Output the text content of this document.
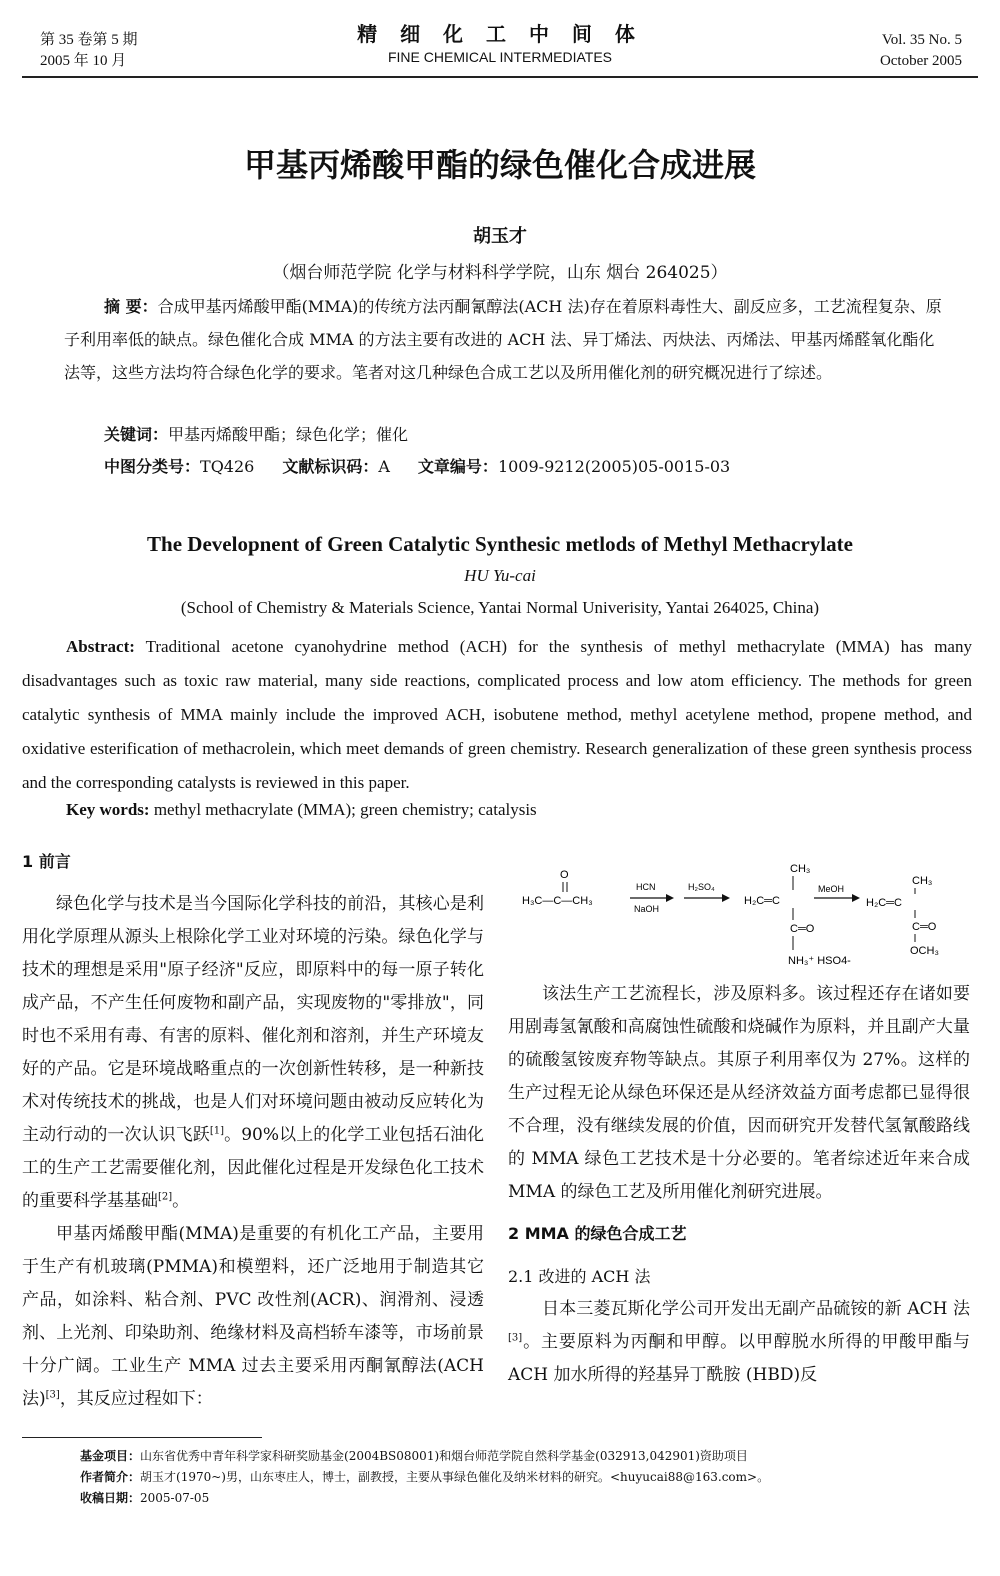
第 35 卷第 5 期
2005 年 10 月
精 细 化 工 中 间 体
FINE CHEMICAL INTERMEDIATES
Vol. 35 No. 5
October 2005
甲基丙烯酸甲酯的绿色催化合成进展
胡玉才
（烟台师范学院 化学与材料科学学院，山东 烟台 264025）
摘 要：合成甲基丙烯酸甲酯(MMA)的传统方法丙酮氰醇法(ACH 法)存在着原料毒性大、副反应多，工艺流程复杂、原子利用率低的缺点。绿色催化合成 MMA 的方法主要有改进的 ACH 法、异丁烯法、丙炔法、丙烯法、甲基丙烯醛氧化酯化法等，这些方法均符合绿色化学的要求。笔者对这几种绿色合成工艺以及所用催化剂的研究概况进行了综述。
关键词：甲基丙烯酸甲酯；绿色化学；催化
中图分类号：TQ426 文献标识码：A 文章编号：1009-9212(2005)05-0015-03
The Developnent of Green Catalytic Synthesic metlods of Methyl Methacrylate
HU Yu-cai
(School of Chemistry & Materials Science, Yantai Normal Univerisity, Yantai 264025, China)
Abstract: Traditional acetone cyanohydrine method (ACH) for the synthesis of methyl methacrylate (MMA) has many disadvantages such as toxic raw material, many side reactions, complicated process and low atom efficiency. The methods for green catalytic synthesis of MMA mainly include the improved ACH, isobutene method, methyl acetylene method, propene method, and oxidative esterification of methacrolein, which meet demands of green chemistry. Research generalization of these green synthesis process and the corresponding catalysts is reviewed in this paper.
Key words: methyl methacrylate (MMA); green chemistry; catalysis
1 前言

绿色化学与技术是当今国际化学科技的前沿，其核心是利用化学原理从源头上根除化学工业对环境的污染。绿色化学与技术的理想是采用"原子经济"反应，即原料中的每一原子转化成产品，不产生任何废物和副产品，实现废物的"零排放"，同时也不采用有毒、有害的原料、催化剂和溶剂，并生产环境友好的产品。它是环境战略重点的一次创新性转移，是一种新技术对传统技术的挑战，也是人们对环境问题由被动反应转化为主动行动的一次认识飞跃[1]。90%以上的化学工业包括石油化工的生产工艺需要催化剂，因此催化过程是开发绿色化工技术的重要科学基基础[2]。

甲基丙烯酸甲酯(MMA)是重要的有机化工产品，主要用于生产有机玻璃(PMMA)和模塑料，还广泛地用于制造其它产品，如涂料、粘合剂、PVC 改性剂(ACR)、润滑剂、浸透剂、上光剂、印染助剂、绝缘材料及高档轿车漆等，市场前景十分广阔。工业生产 MMA 过去主要采用丙酮氰醇法(ACH 法)[3]，其反应过程如下：

O
H₃C—C—CH₃
HCN
NaOH
H₂SO₄
CH₃
H₂C═C
C═O
NH₃⁺ HSO4-
MeOH
CH₃
H₂C═C
C═O
OCH₃

该法生产工艺流程长，涉及原料多。该过程还存在诸如要用剧毒氢氰酸和高腐蚀性硫酸和烧碱作为原料，并且副产大量的硫酸氢铵废弃物等缺点。其原子利用率仅为 27%。这样的生产过程无论从绿色环保还是从经济效益方面考虑都已显得很不合理，没有继续发展的价值，因而研究开发替代氢氰酸路线的 MMA 绿色工艺技术是十分必要的。笔者综述近年来合成 MMA 的绿色工艺及所用催化剂研究进展。

2 MMA 的绿色合成工艺
2.1 改进的 ACH 法

日本三菱瓦斯化学公司开发出无副产品硫铵的新 ACH 法[3]。主要原料为丙酮和甲醇。以甲醇脱水所得的甲酸甲酯与 ACH 加水所得的羟基异丁酰胺 (HBD)反

基金项目：山东省优秀中青年科学家科研奖励基金(2004BS08001)和烟台师范学院自然科学基金(032913,042901)资助项目
作者简介：胡玉才(1970~)男，山东枣庄人，博士，副教授，主要从事绿色催化及纳米材料的研究。<huyucai88@163.com>。
收稿日期：2005-07-05
